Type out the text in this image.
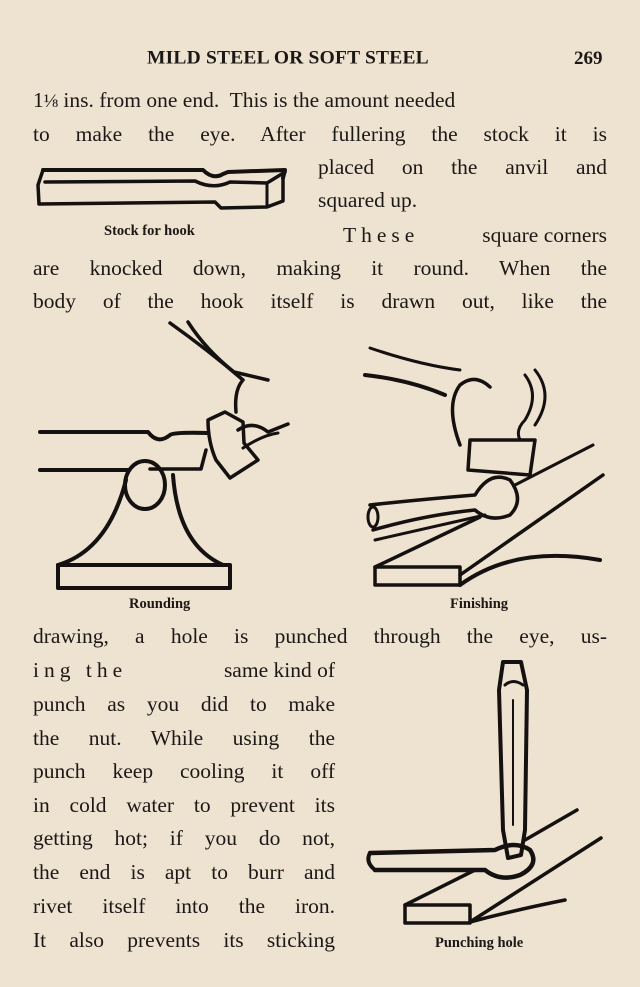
MILD STEEL OR SOFT STEEL	269
1⅛ ins. from one end.  This is the amount needed
to make the eye. After fullering the stock it is
placed on the anvil and
squared up.
These	square corners
are knocked down, making it round. When the
body of the hook itself is drawn out, like the
drawing, a hole is punched through the eye, us-
ing the	same kind of
punch as you did to make
the nut. While using the
punch keep cooling it off
in cold water to prevent its
getting hot; if you do not,
the end is apt to burr and
rivet itself into the iron.
It also prevents its sticking
Stock for hook
Rounding	Finishing
Punching hole
